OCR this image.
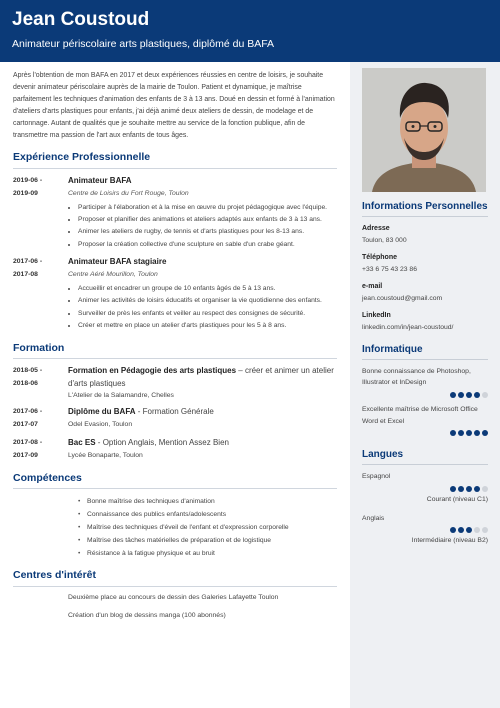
Jean Coustoud
Animateur périscolaire arts plastiques, diplômé du BAFA

Après l'obtention de mon BAFA en 2017 et deux expériences réussies en centre de loisirs, je souhaite devenir animateur périscolaire auprès de la mairie de Toulon. Patient et dynamique, je maîtrise parfaitement les techniques d'animation des enfants de 3 à 13 ans. Doué en dessin et formé à l'animation d'ateliers d'arts plastiques pour enfants, j'ai déjà animé deux ateliers de dessin, de modelage et de cartonnage. Autant de qualités que je souhaite mettre au service de la fonction publique, afin de transmettre ma passion de l'art aux enfants de tous âges.

Expérience Professionnelle
2019-06 -
2019-09
Animateur BAFA
Centre de Loisirs du Fort Rouge, Toulon
• Participer à l'élaboration et à la mise en œuvre du projet pédagogique avec l'équipe.
• Proposer et planifier des animations et ateliers adaptés aux enfants de 3 à 13 ans.
• Animer les ateliers de rugby, de tennis et d'arts plastiques pour les 8-13 ans.
• Proposer la création collective d'une sculpture en sable d'un crabe géant.
2017-06 -
2017-08
Animateur BAFA stagiaire
Centre Aéré Mourillon, Toulon
• Accueillir et encadrer un groupe de 10 enfants âgés de 5 à 13 ans.
• Animer les activités de loisirs éducatifs et organiser la vie quotidienne des enfants.
• Surveiller de près les enfants et veiller au respect des consignes de sécurité.
• Créer et mettre en place un atelier d'arts plastiques pour les 5 à 8 ans.
Formation
2018-05 -
2018-06
Formation en Pédagogie des arts plastiques – créer et animer un atelier d'arts plastiques
L'Atelier de la Salamandre, Chelles
2017-06 -
2017-07
Diplôme du BAFA - Formation Générale
Odel Evasion, Toulon
2017-08 -
2017-09
Bac ES - Option Anglais, Mention Assez Bien
Lycée Bonaparte, Toulon
Compétences
• Bonne maîtrise des techniques d'animation
• Connaissance des publics enfants/adolescents
• Maîtrise des techniques d'éveil de l'enfant et d'expression corporelle
• Maîtrise des tâches matérielles de préparation et de logistique
• Résistance à la fatigue physique et au bruit
Centres d'intérêt
Deuxième place au concours de dessin des Galeries Lafayette Toulon
Création d'un blog de dessins manga (100 abonnés)
Informations Personnelles
Adresse
Toulon, 83 000
Téléphone
+33 6 75 43 23 86
e-mail
jean.coustoud@gmail.com
LinkedIn
linkedin.com/in/jean-coustoud/
Informatique
Bonne connaissance de Photoshop, Illustrator et InDesign
Excellente maîtrise de Microsoft Office Word et Excel
Langues
Espagnol
Courant (niveau C1)
Anglais
Intermédiaire (niveau B2)
